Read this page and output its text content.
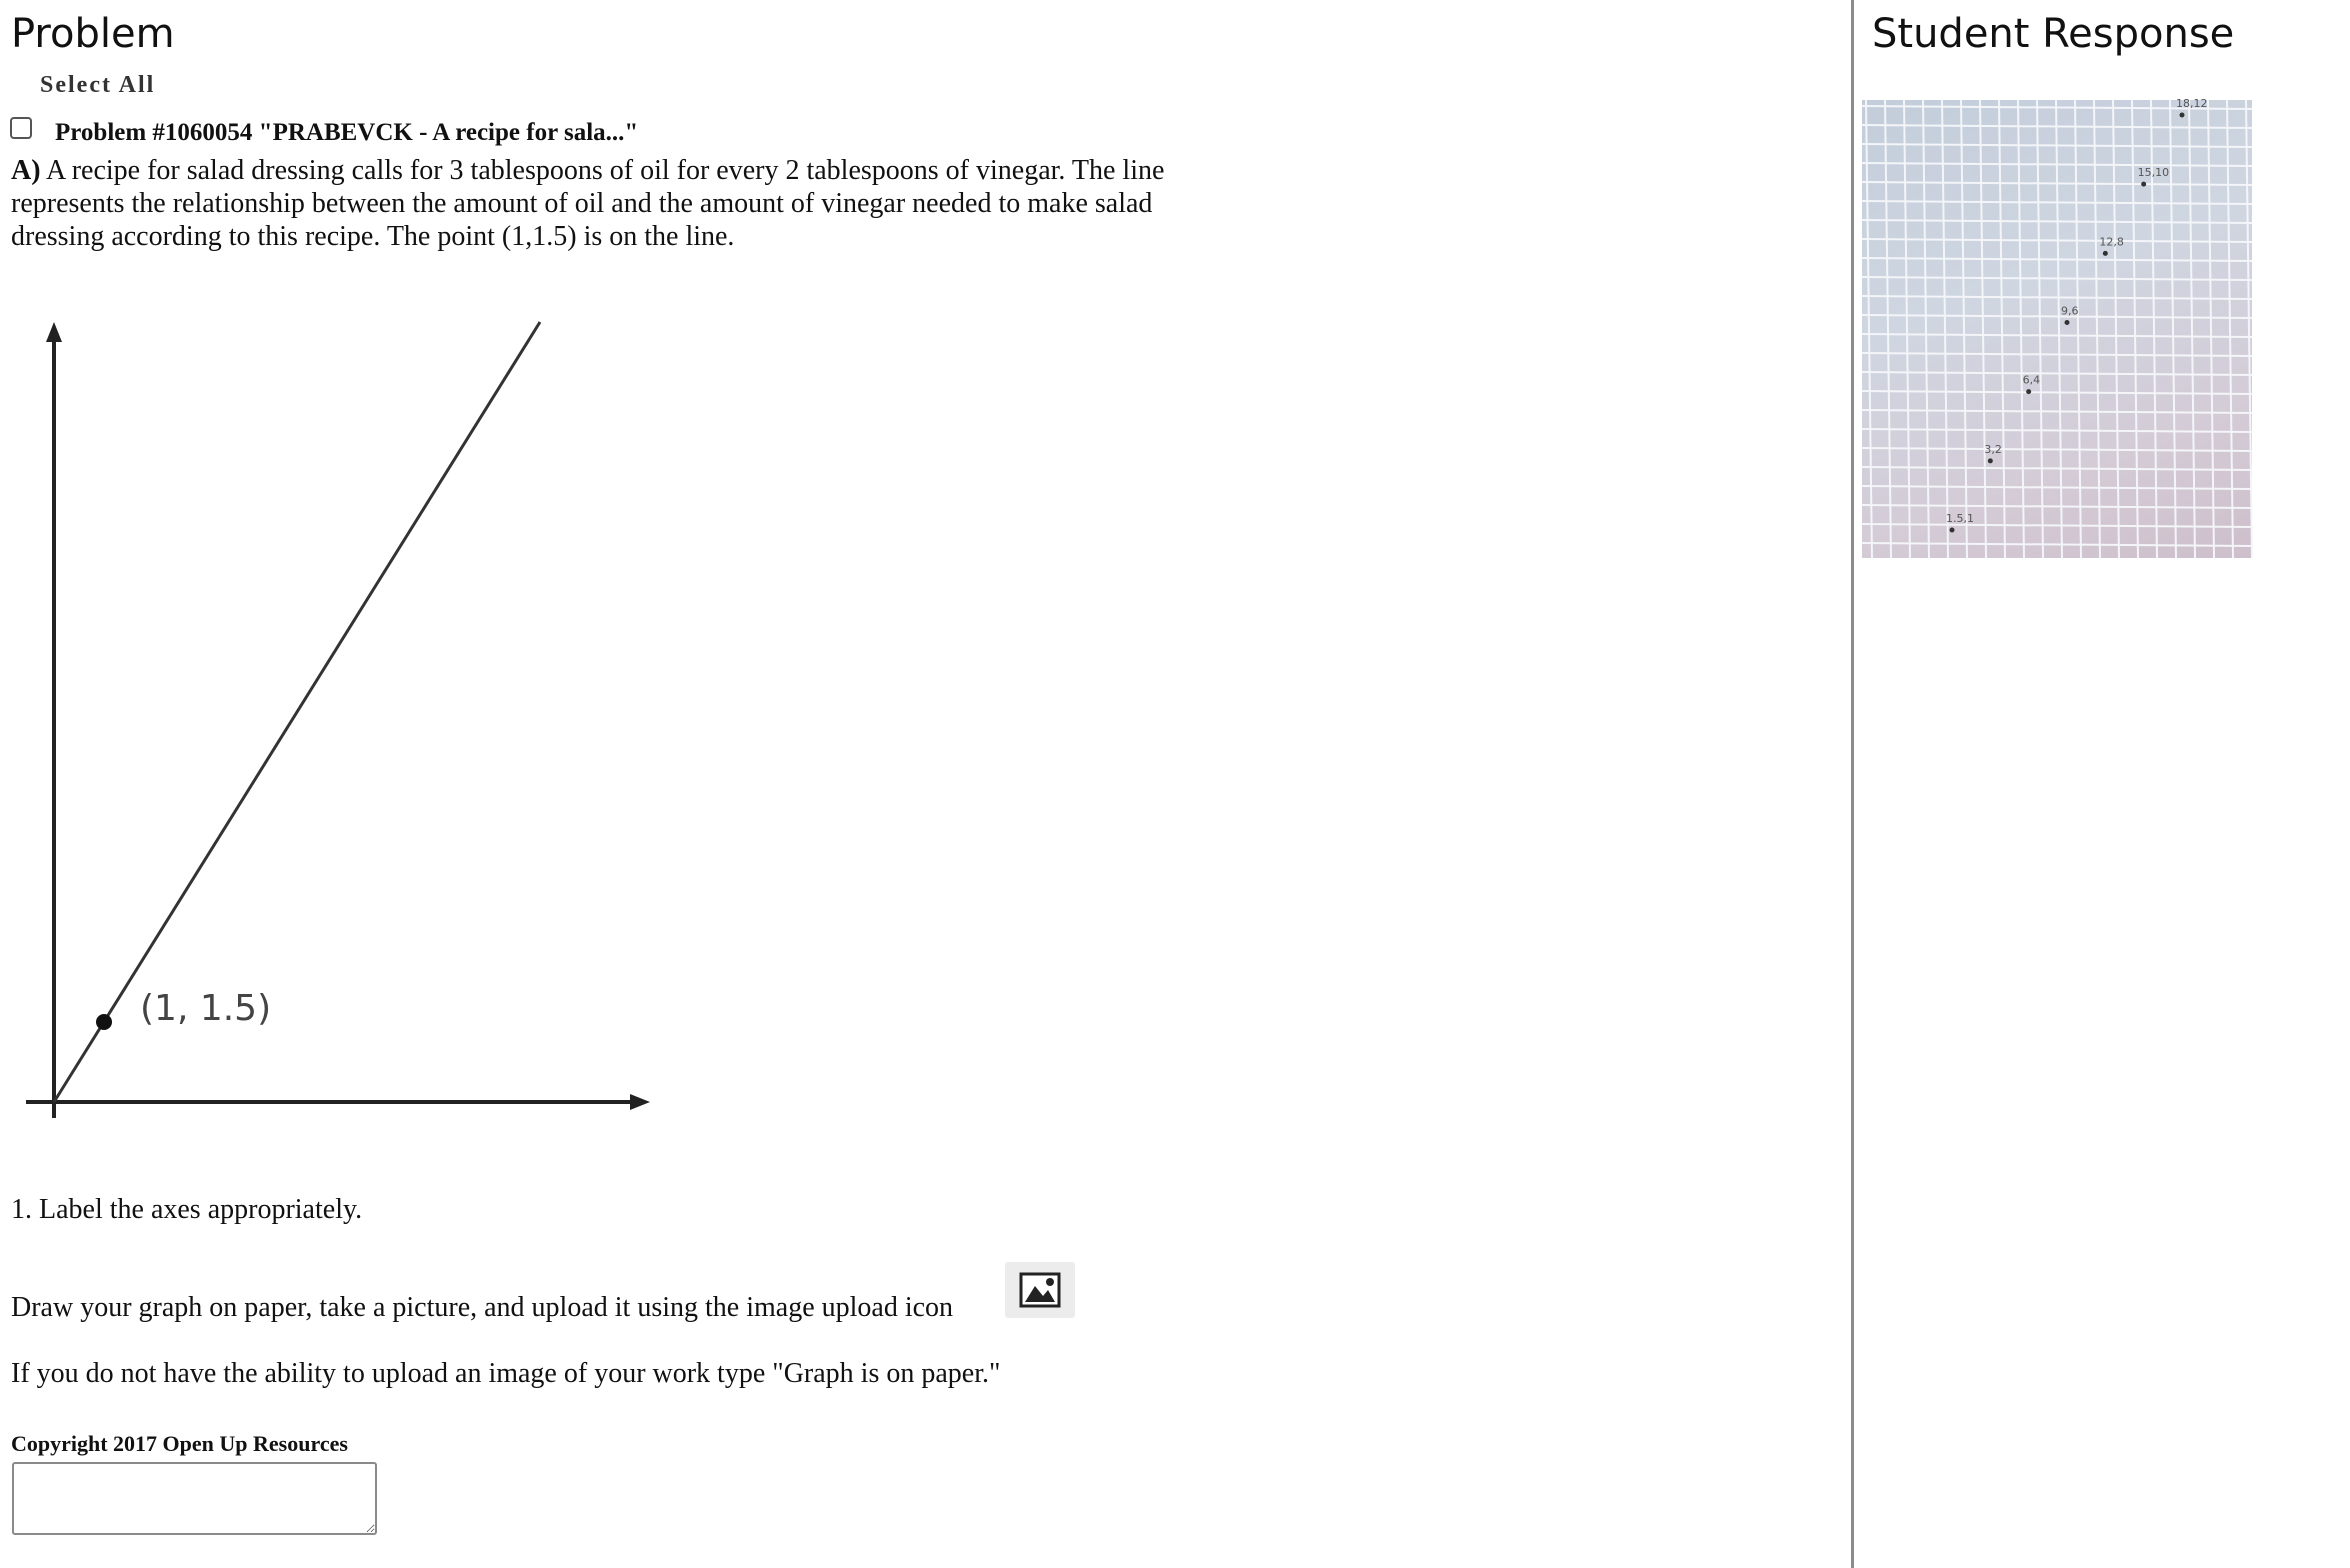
Problem
Select All
Problem #1060054 "PRABEVCK - A recipe for sala..."

A) A recipe for salad dressing calls for 3 tablespoons of oil for every 2 tablespoons of vinegar. The line represents the relationship between the amount of oil and the amount of vinegar needed to make salad dressing according to this recipe. The point (1,1.5) is on the line.

(1, 1.5)

1. Label the axes appropriately.

Draw your graph on paper, take a picture, and upload it using the image upload icon

If you do not have the ability to upload an image of your work type "Graph is on paper."

Copyright 2017 Open Up Resources

Student Response
1.5,1
3,2
6,4
9,6
12,8
15,10
18,12
